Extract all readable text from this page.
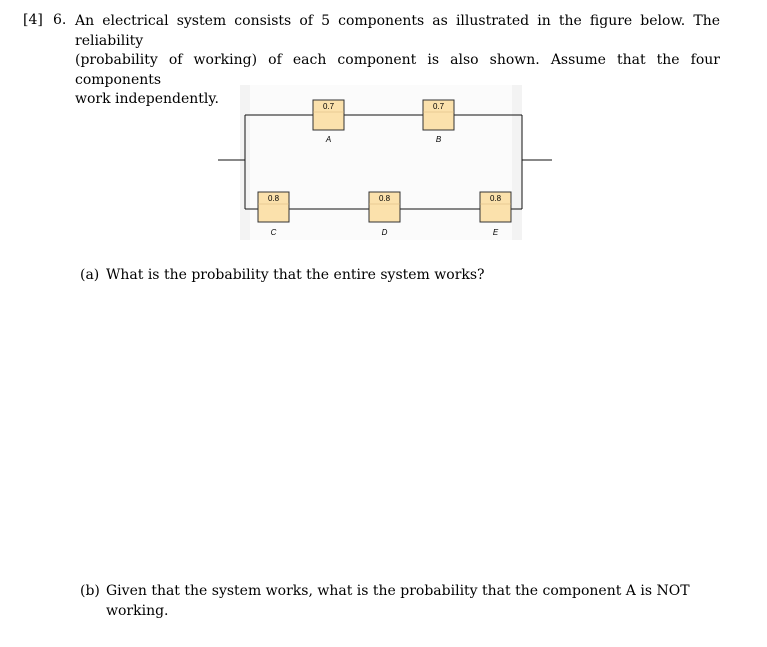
[4] 6. An electrical system consists of 5 components as illustrated in the figure below. The reliability

(probability of working) of each component is also shown. Assume that the four components

work independently.	0.7
A
0.7
B
0.8
C
0.8
D
0.8
E
(a) What is the probability that the entire system works?
(b) Given that the system works, what is the probability that the component A is NOT
working.
